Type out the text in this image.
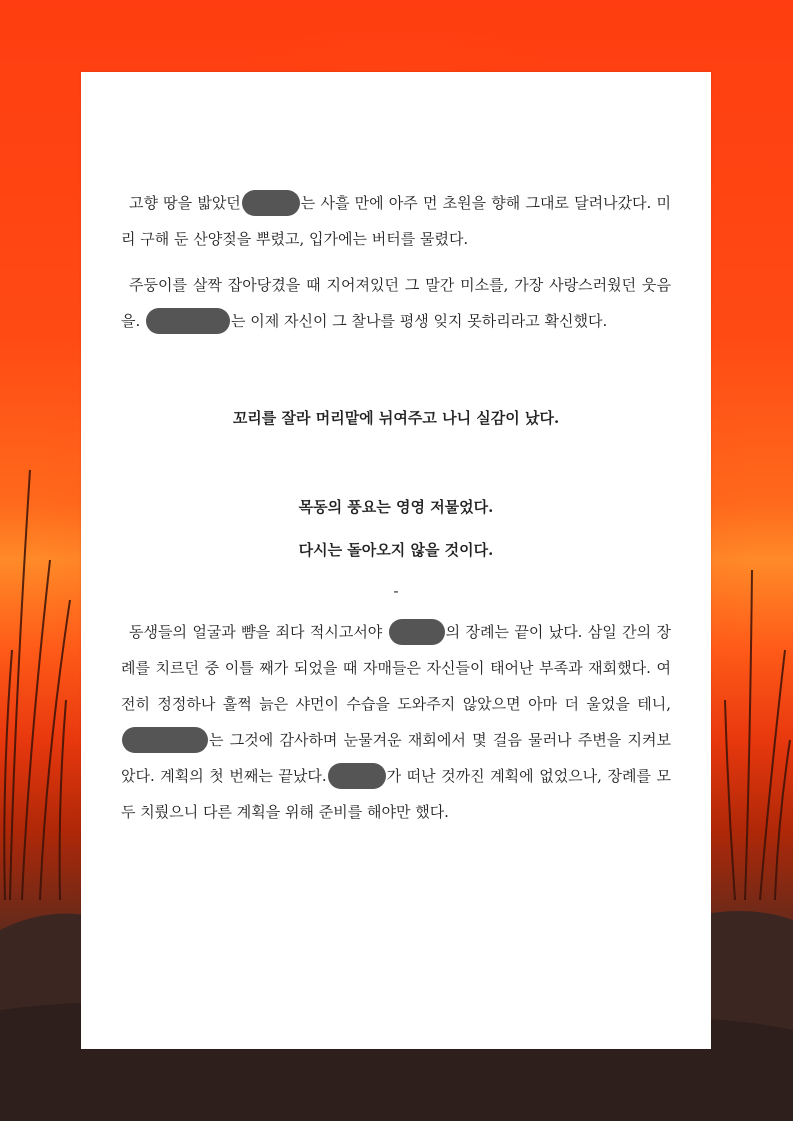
고향 땅을 밟았던	는 사흘 만에 아주 먼 초원을 향해 그대로 달려나갔다. 미리 구해 둔 산양젖을 뿌렸고, 입가에는 버터를 물렸다.

주둥이를 살짝 잡아당겼을 때 지어져있던 그 말간 미소를, 가장 사랑스러웠던 웃음을.	는 이제 자신이 그 찰나를 평생 잊지 못하리라고 확신했다.

꼬리를 잘라 머리맡에 뉘여주고 나니 실감이 났다.

목동의 풍요는 영영 저물었다.

다시는 돌아오지 않을 것이다.

-

동생들의 얼굴과 뺨을 죄다 적시고서야	의 장례는 끝이 났다. 삼일 간의 장례를 치르던 중 이틀 째가 되었을 때 자매들은 자신들이 태어난 부족과 재회했다. 여전히 정정하나 훌쩍 늙은 샤먼이 수습을 도와주지 않았으면 아마 더 울었을 테니,는 그것에 감사하며 눈물겨운 재회에서 몇 걸음 물러나 주변을 지켜보았다. 계획의 첫 번째는 끝났다.	가 떠난 것까진 계획에 없었으나, 장례를 모두 치뤘으니 다른 계획을 위해 준비를 해야만 했다.
